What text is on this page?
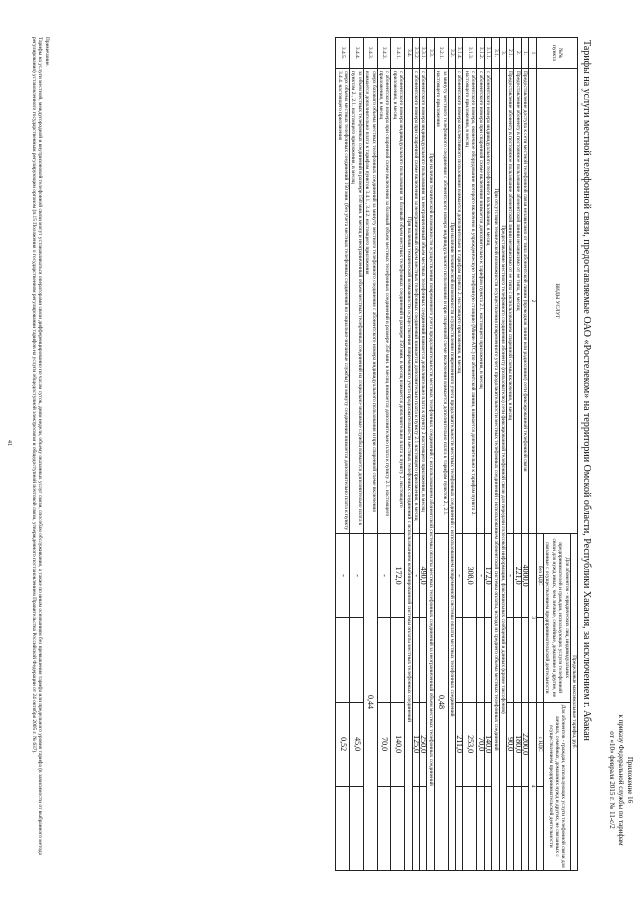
Приложение 16
к приказу Федеральной службы по тарифам
от «10» февраля 2015 г. № 11-с/2
Тарифы на услуги местной телефонной связи, предоставляемые ОАО «Ростелеком» на территории Омской области, Республики Хакасия, за исключением г. Абакан
№№ пункта	ВИДЫ УСЛУГ	Предельные максимальные тарифы, руб.			
		Для абонентов - юридических лиц, индивидуальных предпринимателей и граждан, использующих услуги телефонной связи для нужд иных, чем личные, семейные, домашние и другие, не связанные с осуществлением предпринимательской деятельности		Для абонентов - граждан, использующих услуги телефонной связи для личных, семейных, домашних нужд и других, не связанных с осуществлением предпринимательской деятельности	
		без НДС		с НДС	
1	2	3		4	
1.	Предоставление доступа к сети местной телефонной связи независимо от типа абонентской линии (проводная линия или радиолиния) сети фиксированной телефонной связи	4000,0		2200,0	
2.	Предоставление абоненту в постоянное пользование абонентской линии независимо от ее типа, в месяц	221,0		180,0	
2.1.	Предоставление абоненту в постоянное пользование абонентской линии независимо от ее типа с использованием спаренной схемы включения, в месяц	-		90,0	
3.	Предоставление местного телефонного соединения абоненту (пользователю) сети фиксированной телефонной связи для передачи голосовой информации, факсимильных сообщений и данных (кроме таксофонов)				
3.1.	При отсутствии технической возможности осуществления повременного учета продолжительности местных телефонных соединений с использованием абонентской системы оплаты, исходя из среднего объема местных телефонных соединений				
3.1.1.	с абонентского номера индивидуального телефонного пользования, в месяц	172,0		140,0	
3.1.2.	с абонентского номера при спаренной схеме включения взимается дополнительно к тарифам пункта 2.1. настоящего приложения, в месяц	-		70,0	
3.1.3.	с абонентского номера, оконечное оборудование которого включено в учрежденческую телефонную станцию (Мини-АТС) по абонентской линии, взимается дополнительно к тарифам пункта 2. настоящего приложения, в месяц	308,0		253,0	
3.1.4.	с абонентского номера коллективного пользования взимается дополнительно к тарифам пункта 2. настоящего приложения, в месяц	-		211,0	
3.2.	При наличии технической возможности осуществления повременного учета продолжительности местных телефонных соединений с использованием повременной системы оплаты местных телефонных соединений				
3.2.1.	за минуту местного телефонного соединения с абонентского номера индивидуального пользования и при спаренной схеме включения взимается дополнительно плата к тарифам пунктов 2., 2.1. настоящего приложения	0,48			
3.3.	При наличии технической возможности осуществления повременного учета продолжительности местных телефонных соединений с использованием абонентской системы оплаты местных телефонных соединений за неограниченный объем местных телефонных соединений				
3.3.1.	с абонентского номера индивидуального пользования за неограниченный объем местных телефонных соединений взимается дополнительно плата к пункту 2 настоящего приложения, в месяц	490,0		250,0	
3.3.2.	с абонентского номера при спаренной схеме включения за неограниченный объем местных телефонных соединений взимается дополнительно плата к пункту 2.1 настоящего приложения, в месяц	-		125,0	
3.4.	При наличии технической возможности осуществления повременного учета продолжительности местных телефонных соединений с использованием комбинированной системы оплаты местных телефонных соединений				
3.4.1.	с абонентского номера индивидуального пользования за базовый объем местных телефонных соединений в размере 350 мин. в месяц взимается дополнительно плата к пункту 2. настоящего приложения, в месяц	172,0		140,0	
3.4.2.	с абонентского номера при спаренной схеме включения за базовый объем местных телефонных соединений в размере 350 мин. в месяц взимается дополнительно плата к пункту 2.1. настоящего приложения, в месяц	-		70,0	
3.4.3.	сверх базового объема местных телефонных соединений за минуту местного телефонного соединения с абонентского номера индивидуального пользования и при спаренной схеме включения взимается дополнительно плата к тарифам пунктов 3.4.1., 3.4.2. настоящего приложения	0,44			
3.4.4.	за объем местных телефонных соединений в размере 150 мин. в месяц и неограниченный объем местных телефонных соединений на социально-значимые службы взимается дополнительно плата к пунктам 2., 2.1. настоящего приложения, в месяц	-		45,0	
3.4.5.	сверх объема местных телефонных соединений 150 мин. (без учета местных телефонных соединений на социально-значимые службы) за минуту соединения взимается дополнительно плата к пункту 3.4.4. настоящего приложения	-		0,52	
Примечание.
Тарифы на услуги местной, междугородной и внутризоновой телефонной связи могут устанавливаться операторами связи дифференцированно по часам суток, дням недели, объему оказанных услуг связи, способам обслуживания, а также по иным основаниям без превышения тарифа или предельного уровня тарифа (в зависимости от выбранного метода регулирования) установленного государственным регулирующим органом (п.15 Положения о государственном регулировании тарифов на услуги общедоступной электросвязи и общедоступной почтовой связи, утвержденного постановлением Правительства Российской Федерации от 24 октября 2005 г. № 637).
41
